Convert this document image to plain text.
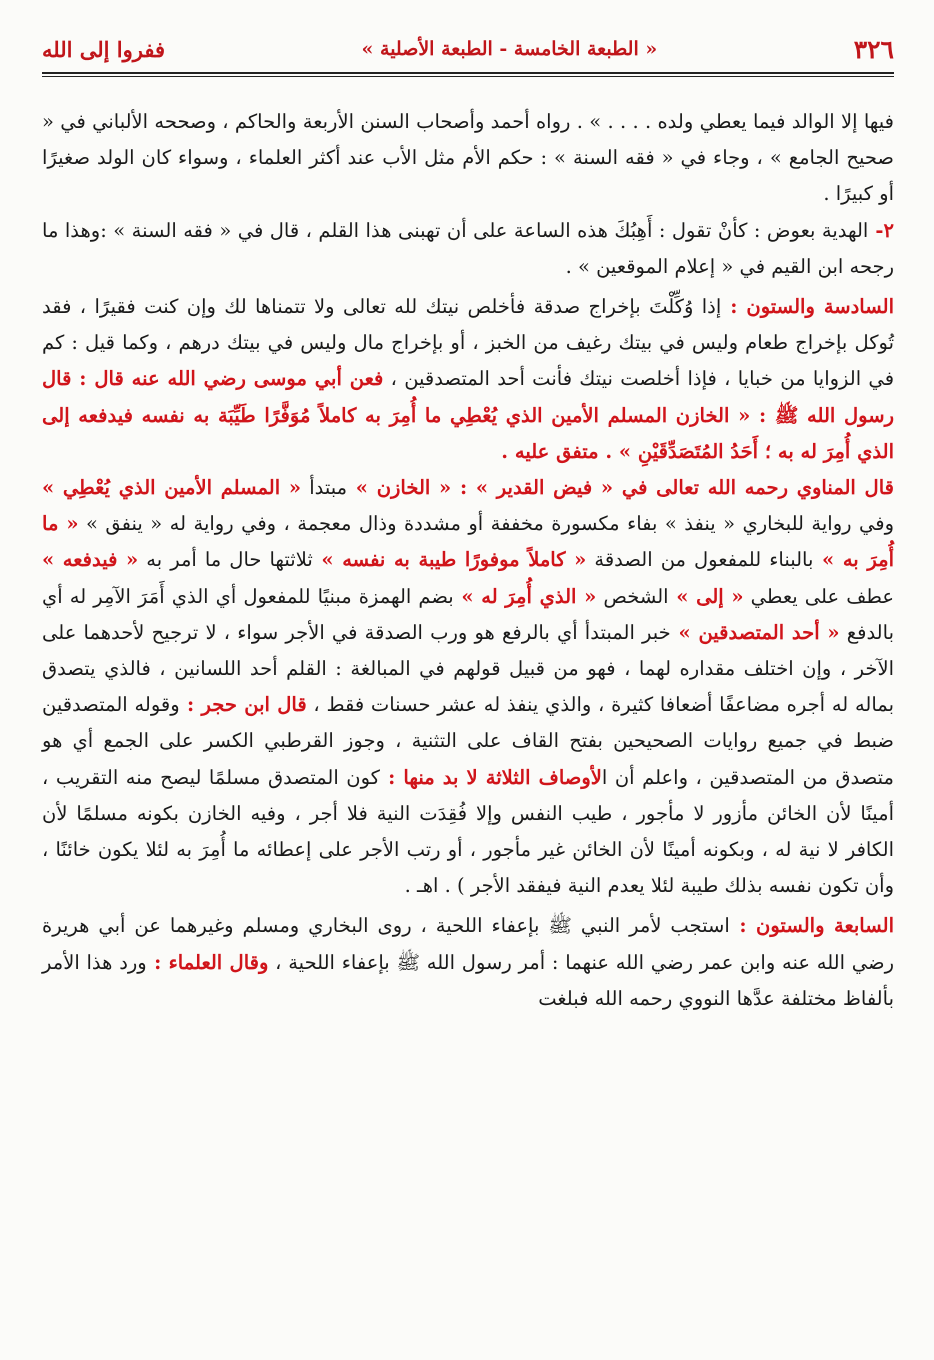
٣٢٦
« الطبعة الخامسة - الطبعة الأصلية »
ففروا إلى الله

فيها إلا الوالد فيما يعطي ولده . . . . » . رواه أحمد وأصحاب السنن الأربعة والحاكم ، وصححه الألباني في « صحيح الجامع » ، وجاء في « فقه السنة » : حكم الأم مثل الأب عند أكثر العلماء ، وسواء كان الولد صغيرًا أو كبيرًا .

٢- الهدية بعوض : كأنْ تقول : أَهِبُكَ هذه الساعة على أن تهبنى هذا القلم ، قال في « فقه السنة » :وهذا ما رجحه ابن القيم في « إعلام الموقعين » .

السادسة والستون : إذا وُكِّلْتَ بإخراج صدقة فأخلص نيتك لله تعالى ولا تتمناها لك وإن كنت فقيرًا ، فقد تُوكل بإخراج طعام وليس في بيتك رغيف من الخبز ، أو بإخراج مال وليس في بيتك درهم ، وكما قيل : كم في الزوايا من خبايا ، فإذا أخلصت نيتك فأنت أحد المتصدقين ، فعن أبي موسى رضي الله عنه قال : قال رسول الله ﷺ : « الخازن المسلم الأمين الذي يُعْطِي ما أُمِرَ به كاملاً مُوَفَّرًا طَيِّبَة به نفسه فيدفعه إلى الذي أُمِرَ له به ؛ أَحَدُ المُتَصَدِّقَيْنِ » . متفق عليه .

قال المناوي رحمه الله تعالى في « فيض القدير » : « الخازن » مبتدأ « المسلم الأمين الذي يُعْطِي » وفي رواية للبخاري « ينفذ » بفاء مكسورة مخففة أو مشددة وذال معجمة ، وفي رواية له « ينفق » « ما أُمِرَ به » بالبناء للمفعول من الصدقة « كاملاً موفورًا طيبة به نفسه » ثلاثتها حال ما أمر به « فيدفعه » عطف على يعطي « إلى » الشخص « الذي أُمِرَ له » بضم الهمزة مبنيًا للمفعول أي الذي أَمَرَ الآمِر له أي بالدفع « أحد المتصدقين » خبر المبتدأ أي بالرفع هو ورب الصدقة في الأجر سواء ، لا ترجيح لأحدهما على الآخر ، وإن اختلف مقداره لهما ، فهو من قبيل قولهم في المبالغة : القلم أحد اللسانين ، فالذي يتصدق بماله له أجره مضاعفًا أضعافا كثيرة ، والذي ينفذ له عشر حسنات فقط ، قال ابن حجر : وقوله المتصدقين ضبط في جميع روايات الصحيحين بفتح القاف على التثنية ، وجوز القرطبي الكسر على الجمع أي هو متصدق من المتصدقين ، واعلم أن الأوصاف الثلاثة لا بد منها : كون المتصدق مسلمًا ليصح منه التقريب ، أمينًا لأن الخائن مأزور لا مأجور ، طيب النفس وإلا فُقِدَت النية فلا أجر ، وفيه الخازن بكونه مسلمًا لأن الكافر لا نية له ، وبكونه أمينًا لأن الخائن غير مأجور ، أو رتب الأجر على إعطائه ما أُمِرَ به لئلا يكون خائنًا ، وأن تكون نفسه بذلك طيبة لئلا يعدم النية فيفقد الأجر ) . اهـ .

السابعة والستون : استجب لأمر النبي ﷺ بإعفاء اللحية ، روى البخاري ومسلم وغيرهما عن أبي هريرة رضي الله عنه وابن عمر رضي الله عنهما : أمر رسول الله ﷺ بإعفاء اللحية ، وقال العلماء : ورد هذا الأمر بألفاظ مختلفة عدَّها النووي رحمه الله فبلغت
